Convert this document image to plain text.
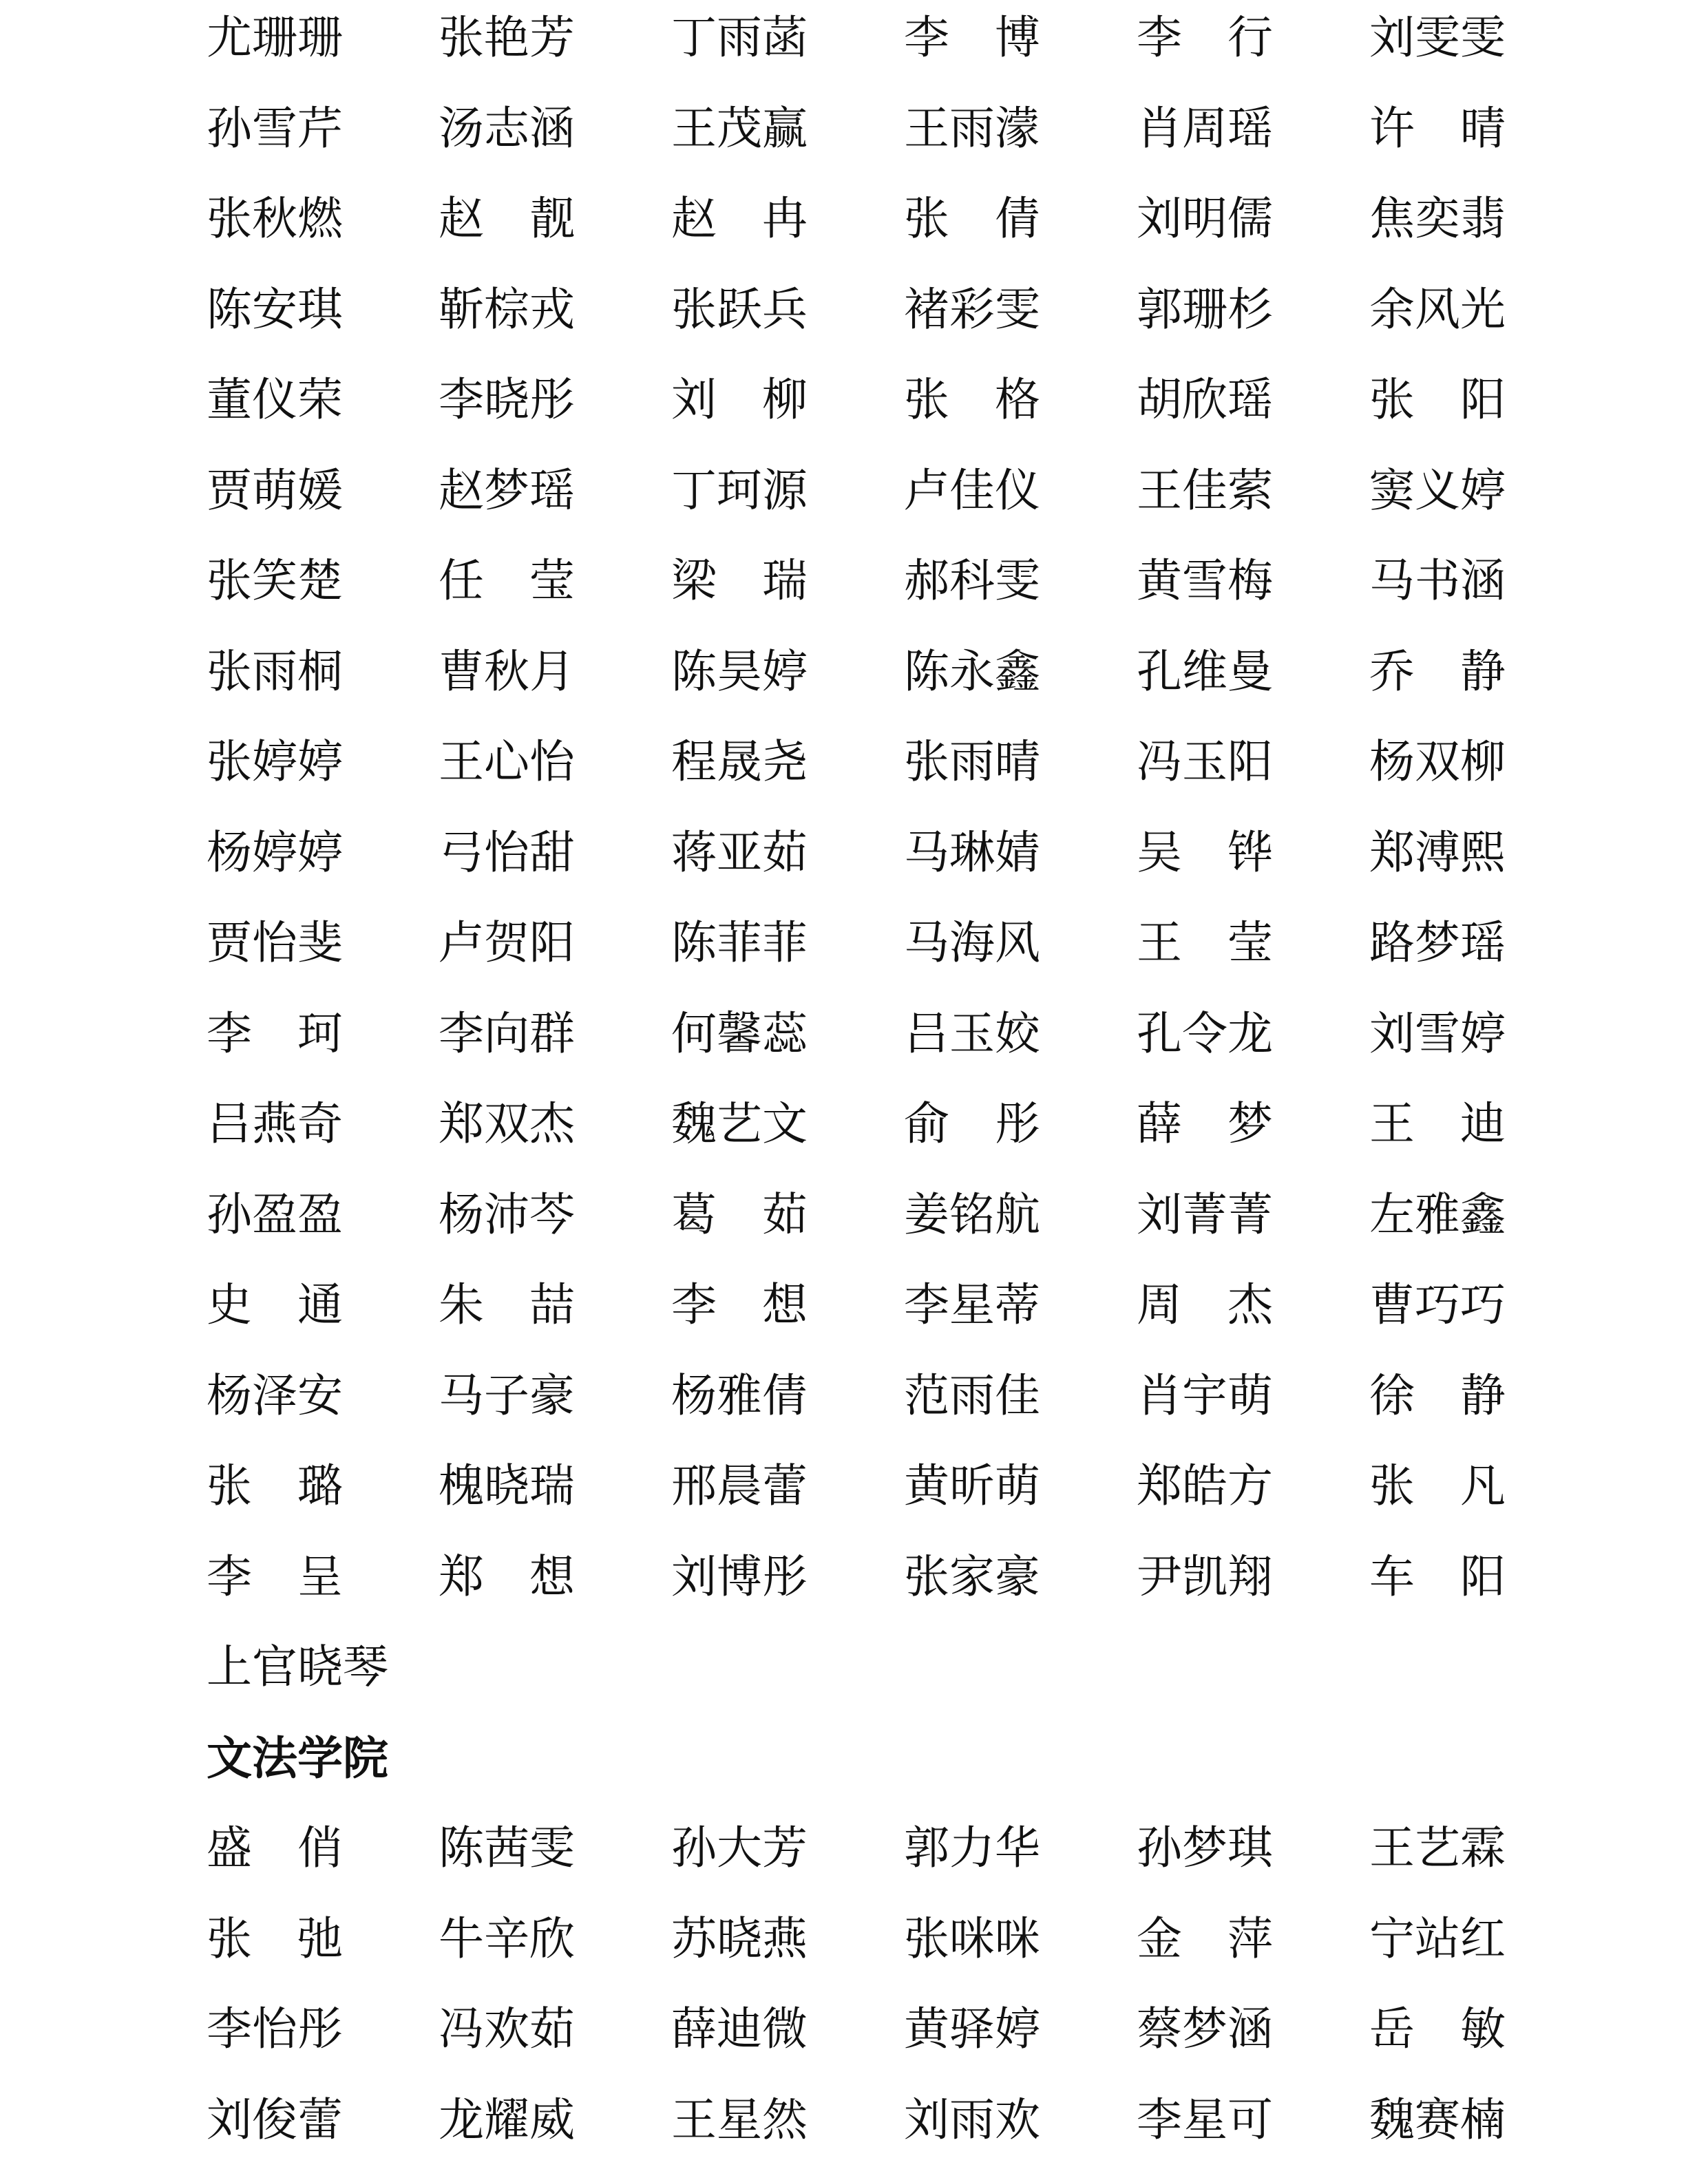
尤珊珊 张艳芳 丁雨菡 李博 李行 刘雯雯
孙雪芹 汤志涵 王茂赢 王雨濛 肖周瑶 许晴
张秋燃 赵靓 赵冉 张倩 刘明儒 焦奕翡
陈安琪 靳棕戎 张跃兵 褚彩雯 郭珊杉 余风光
董仪荣 李晓彤 刘柳 张格 胡欣瑶 张阳
贾萌媛 赵梦瑶 丁珂源 卢佳仪 王佳萦 窦义婷
张笑楚 任莹 梁瑞 郝科雯 黄雪梅 马书涵
张雨桐 曹秋月 陈昊婷 陈永鑫 孔维曼 乔静
张婷婷 王心怡 程晟尧 张雨晴 冯玉阳 杨双柳
杨婷婷 弓怡甜 蒋亚茹 马琳婧 吴铧 郑溥熙
贾怡斐 卢贺阳 陈菲菲 马海风 王莹 路梦瑶
李珂 李向群 何馨蕊 吕玉姣 孔令龙 刘雪婷
吕燕奇 郑双杰 魏艺文 俞彤 薛梦 王迪
孙盈盈 杨沛芩 葛茹 姜铭航 刘菁菁 左雅鑫
史通 朱喆 李想 李星蒂 周杰 曹巧巧
杨泽安 马子豪 杨雅倩 范雨佳 肖宇萌 徐静
张璐 槐晓瑞 邢晨蕾 黄昕萌 郑皓方 张凡
李呈 郑想 刘博彤 张家豪 尹凯翔 车阳
上官晓琴
文法学院
盛俏 陈茜雯 孙大芳 郭力华 孙梦琪 王艺霖
张弛 牛辛欣 苏晓燕 张咪咪 金萍 宁站红
李怡彤 冯欢茹 薛迪微 黄驿婷 蔡梦涵 岳敏
刘俊蕾 龙耀威 王星然 刘雨欢 李星可 魏赛楠
